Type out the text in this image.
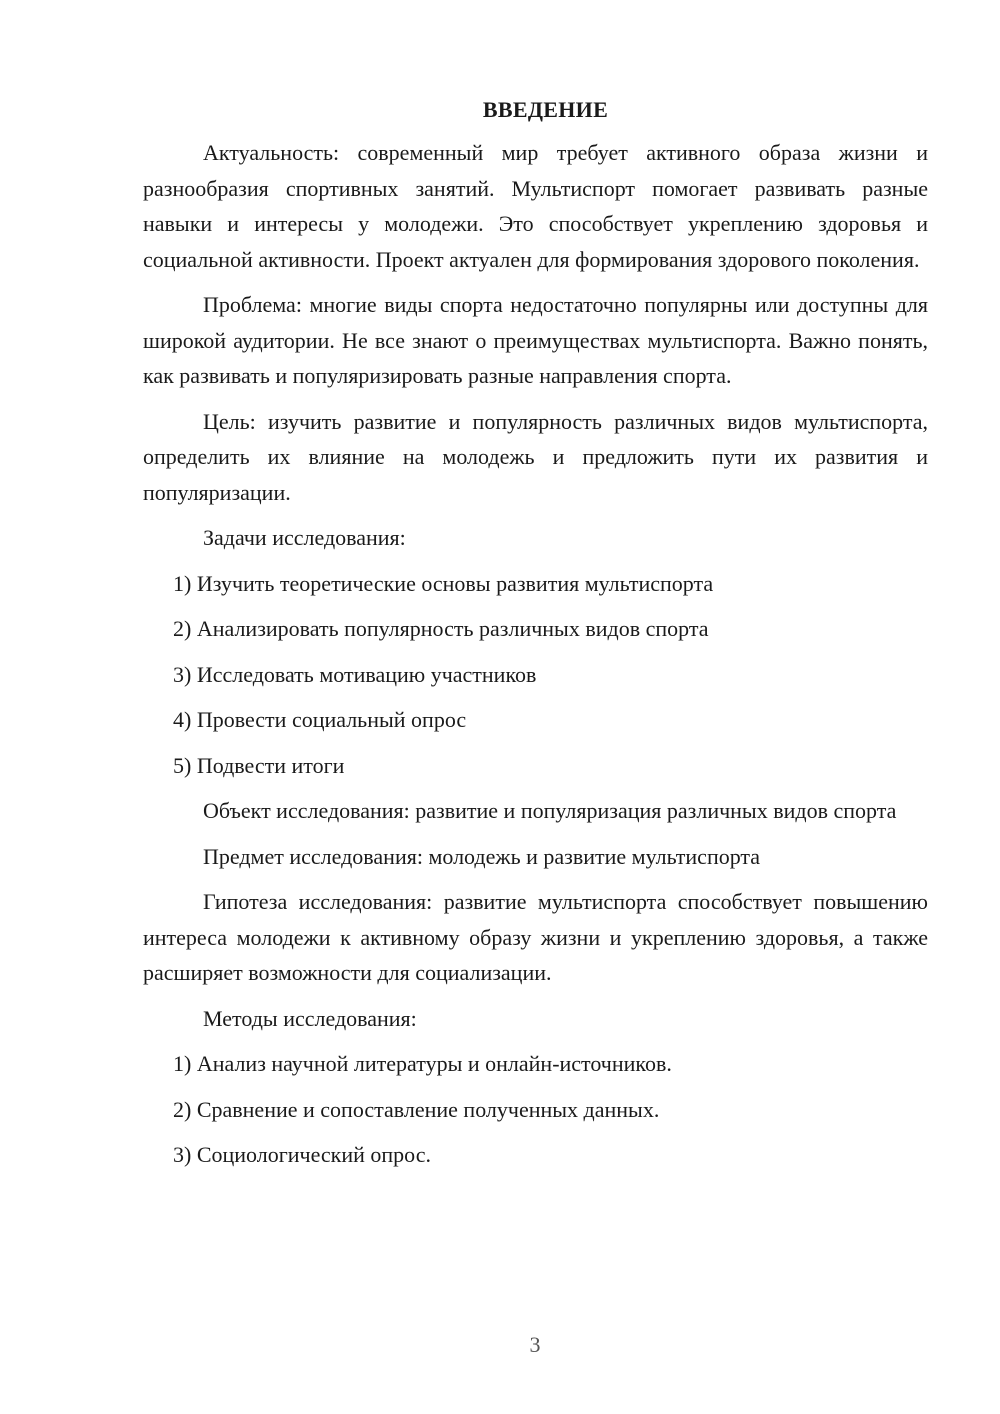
ВВЕДЕНИЕ

Актуальность: современный мир требует активного образа жизни и разнообразия спортивных занятий. Мультиспорт помогает развивать разные навыки и интересы у молодежи. Это способствует укреплению здоровья и социальной активности. Проект актуален для формирования здорового поколения.

Проблема: многие виды спорта недостаточно популярны или доступны для широкой аудитории. Не все знают о преимуществах мультиспорта. Важно понять, как развивать и популяризировать разные направления спорта.

Цель: изучить развитие и популярность различных видов мультиспорта, определить их влияние на молодежь и предложить пути их развития и популяризации.

Задачи исследования:

1) Изучить теоретические основы развития мультиспорта

2) Анализировать популярность различных видов спорта

3) Исследовать мотивацию участников

4) Провести социальный опрос

5) Подвести итоги

Объект исследования: развитие и популяризация различных видов спорта

Предмет исследования: молодежь и развитие мультиспорта

Гипотеза исследования: развитие мультиспорта способствует повышению интереса молодежи к активному образу жизни и укреплению здоровья, а также расширяет возможности для социализации.

Методы исследования:

1) Анализ научной литературы и онлайн-источников.

2) Сравнение и сопоставление полученных данных.

3) Социологический опрос.

3
